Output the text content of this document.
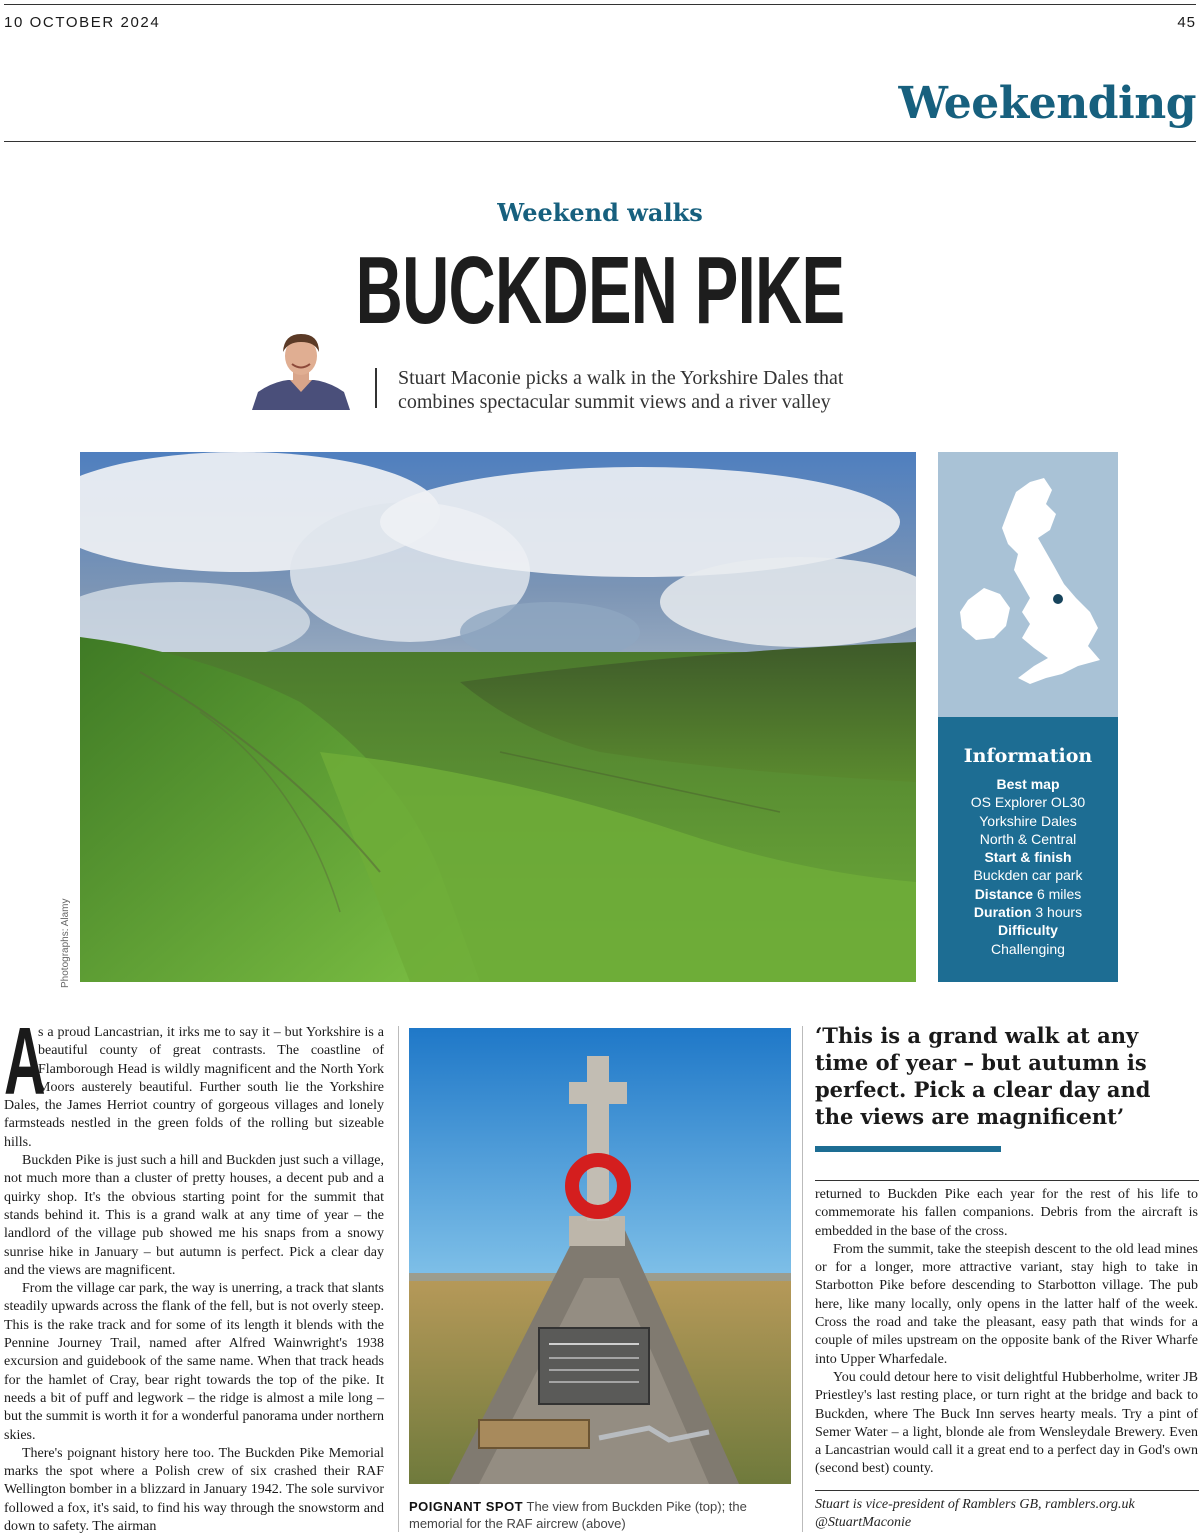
10 OCTOBER 2024	45
Weekending
Weekend walks
BUCKDEN PIKE
Stuart Maconie picks a walk in the Yorkshire Dales that
combines spectacular summit views and a river valley
Photographs: Alamy
Information
Best map
OS Explorer OL30
Yorkshire Dales
North & Central
Start & finish
Buckden car park
Distance 6 miles
Duration 3 hours
Difficulty
Challenging
A

s a proud Lancastrian, it irks me to say it – but Yorkshire is a beautiful county of great contrasts. The coastline of Flamborough Head is wildly magnificent and the North York Moors austerely beautiful. Further south lie the Yorkshire Dales, the James Herriot country of gorgeous villages and lonely farmsteads nestled in the green folds of the rolling but sizeable hills.

Buckden Pike is just such a hill and Buckden just such a village, not much more than a cluster of pretty houses, a decent pub and a quirky shop. It's the obvious starting point for the summit that stands behind it. This is a grand walk at any time of year – the landlord of the village pub showed me his snaps from a snowy sunrise hike in January – but autumn is perfect. Pick a clear day and the views are magnificent.

From the village car park, the way is unerring, a track that slants steadily upwards across the flank of the fell, but is not overly steep. This is the rake track and for some of its length it blends with the Pennine Journey Trail, named after Alfred Wainwright's 1938 excursion and guidebook of the same name. When that track heads for the hamlet of Cray, bear right towards the top of the pike. It needs a bit of puff and legwork – the ridge is almost a mile long – but the summit is worth it for a wonderful panorama under northern skies.

There's poignant history here too. The Buckden Pike Memorial marks the spot where a Polish crew of six crashed their RAF Wellington bomber in a blizzard in January 1942. The sole survivor followed a fox, it's said, to find his way through the snowstorm and down to safety. The airman

POIGNANT SPOT The view from Buckden Pike (top); the memorial for the RAF aircrew (above)
‘This is a grand walk at any time of year – but autumn is perfect. Pick a clear day and the views are magnificent’

returned to Buckden Pike each year for the rest of his life to commemorate his fallen companions. Debris from the aircraft is embedded in the base of the cross.

From the summit, take the steepish descent to the old lead mines or for a longer, more attractive variant, stay high to take in Starbotton Pike before descending to Starbotton village. The pub here, like many locally, only opens in the latter half of the week. Cross the road and take the pleasant, easy path that winds for a couple of miles upstream on the opposite bank of the River Wharfe into Upper Wharfedale.

You could detour here to visit delightful Hubberholme, writer JB Priestley's last resting place, or turn right at the bridge and back to Buckden, where The Buck Inn serves hearty meals. Try a pint of Semer Water – a light, blonde ale from Wensleydale Brewery. Even a Lancastrian would call it a great end to a perfect day in God's own (second best) county.

Stuart is vice-president of Ramblers GB, ramblers.org.uk
@StuartMaconie
